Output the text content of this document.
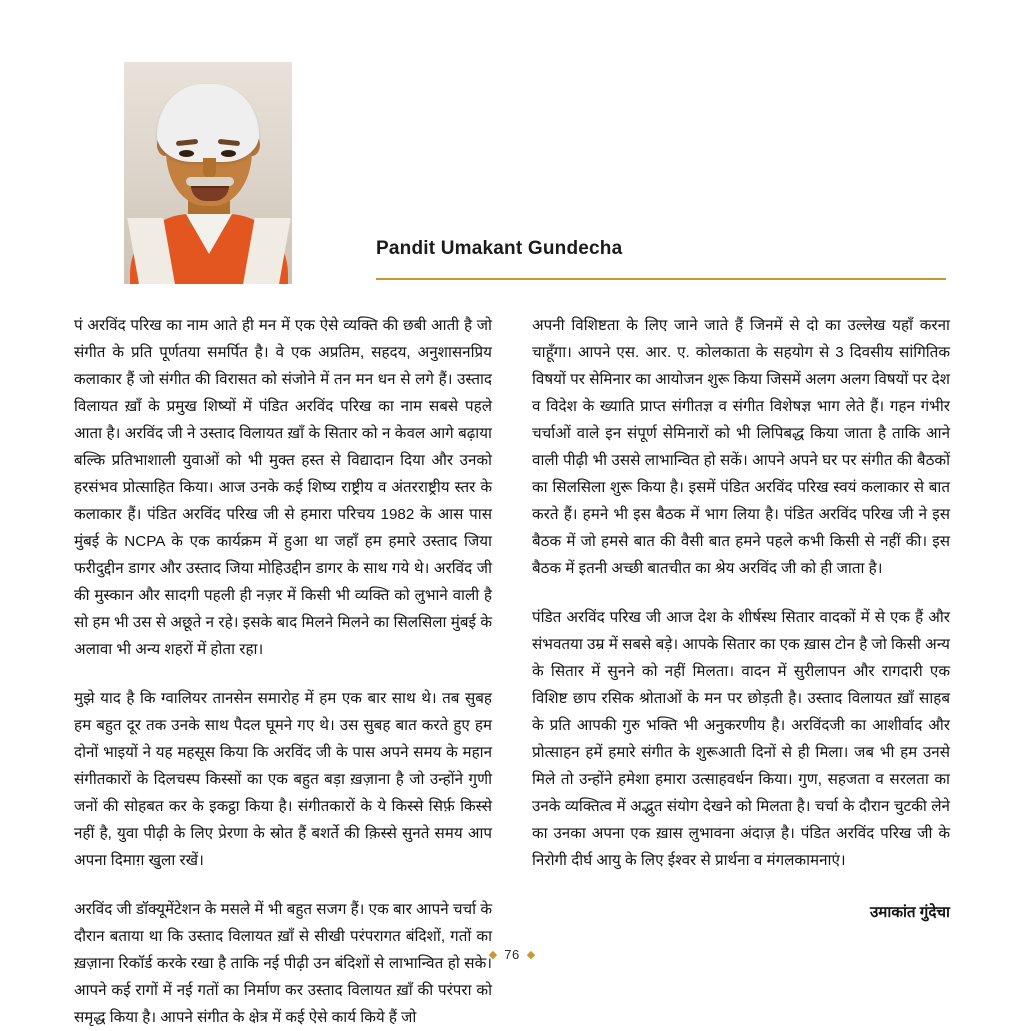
Pandit Umakant Gundecha

पं अरविंद परिख का नाम आते ही मन में एक ऐसे व्यक्ति की छबी आती है जो संगीत के प्रति पूर्णतया समर्पित है। वे एक अप्रतिम, सहदय, अनुशासनप्रिय कलाकार हैं जो संगीत की विरासत को संजोने में तन मन धन से लगे हैं। उस्ताद विलायत ख़ाँ के प्रमुख शिष्यों में पंडित अरविंद परिख का नाम सबसे पहले आता है। अरविंद जी ने उस्ताद विलायत ख़ाँ के सितार को न केवल आगे बढ़ाया बल्कि प्रतिभाशाली युवाओं को भी मुक्त हस्त से विद्यादान दिया और उनको हरसंभव प्रोत्साहित किया। आज उनके कई शिष्य राष्ट्रीय व अंतरराष्ट्रीय स्तर के कलाकार हैं। पंडित अरविंद परिख जी से हमारा परिचय 1982 के आस पास मुंबई के NCPA के एक कार्यक्रम में हुआ था जहाँ हम हमारे उस्ताद जिया फरीदुद्दीन डागर और उस्ताद जिया मोहिउद्दीन डागर के साथ गये थे। अरविंद जी की मुस्कान और सादगी पहली ही नज़र में किसी भी व्यक्ति को लुभाने वाली है सो हम भी उस से अछूते न रहे। इसके बाद मिलने मिलने का सिलसिला मुंबई के अलावा भी अन्य शहरों में होता रहा।

मुझे याद है कि ग्वालियर तानसेन समारोह में हम एक बार साथ थे। तब सुबह हम बहुत दूर तक उनके साथ पैदल घूमने गए थे। उस सुबह बात करते हुए हम दोनों भाइयों ने यह महसूस किया कि अरविंद जी के पास अपने समय के महान संगीतकारों के दिलचस्प किस्सों का एक बहुत बड़ा ख़ज़ाना है जो उन्होंने गुणी जनों की सोहबत कर के इकट्ठा किया है। संगीतकारों के ये किस्से सिर्फ़ किस्से नहीं है, युवा पीढ़ी के लिए प्रेरणा के स्रोत हैं बशर्ते की क़िस्से सुनते समय आप अपना दिमाग़ खुला रखें।

अरविंद जी डॉक्यूमेंटेशन के मसले में भी बहुत सजग हैं। एक बार आपने चर्चा के दौरान बताया था कि उस्ताद विलायत ख़ाँ से सीखी परंपरागत बंदिशों, गतों का ख़ज़ाना रिकॉर्ड करके रखा है ताकि नई पीढ़ी उन बंदिशों से लाभान्वित हो सके। आपने कई रागों में नई गतों का निर्माण कर उस्ताद विलायत ख़ाँ की परंपरा को समृद्ध किया है। आपने संगीत के क्षेत्र में कई ऐसे कार्य किये हैं जो

अपनी विशिष्टता के लिए जाने जाते हैं जिनमें से दो का उल्लेख यहाँ करना चाहूँगा। आपने एस. आर. ए. कोलकाता के सहयोग से 3 दिवसीय सांगितिक विषयों पर सेमिनार का आयोजन शुरू किया जिसमें अलग अलग विषयों पर देश व विदेश के ख्याति प्राप्त संगीतज्ञ व संगीत विशेषज्ञ भाग लेते हैं। गहन गंभीर चर्चाओं वाले इन संपूर्ण सेमिनारों को भी लिपिबद्ध किया जाता है ताकि आने वाली पीढ़ी भी उससे लाभान्वित हो सकें। आपने अपने घर पर संगीत की बैठकों का सिलसिला शुरू किया है। इसमें पंडित अरविंद परिख स्वयं कलाकार से बात करते हैं। हमने भी इस बैठक में भाग लिया है। पंडित अरविंद परिख जी ने इस बैठक में जो हमसे बात की वैसी बात हमने पहले कभी किसी से नहीं की। इस बैठक में इतनी अच्छी बातचीत का श्रेय अरविंद जी को ही जाता है।

पंडित अरविंद परिख जी आज देश के शीर्षस्थ सितार वादकों में से एक हैं और संभवतया उम्र में सबसे बड़े। आपके सितार का एक ख़ास टोन है जो किसी अन्य के सितार में सुनने को नहीं मिलता। वादन में सुरीलापन और रागदारी एक विशिष्ट छाप रसिक श्रोताओं के मन पर छोड़ती है। उस्ताद विलायत ख़ाँ साहब के प्रति आपकी गुरु भक्ति भी अनुकरणीय है। अरविंदजी का आशीर्वाद और प्रोत्साहन हमें हमारे संगीत के शुरूआती दिनों से ही मिला। जब भी हम उनसे मिले तो उन्होंने हमेशा हमारा उत्साहवर्धन किया। गुण, सहजता व सरलता का उनके व्यक्तित्व में अद्भुत संयोग देखने को मिलता है। चर्चा के दौरान चुटकी लेने का उनका अपना एक ख़ास लुभावना अंदाज़ है। पंडित अरविंद परिख जी के निरोगी दीर्घ आयु के लिए ईश्वर से प्रार्थना व मंगलकामनाएं।

उमाकांत गुंदेचा
◆ 76 ◆
